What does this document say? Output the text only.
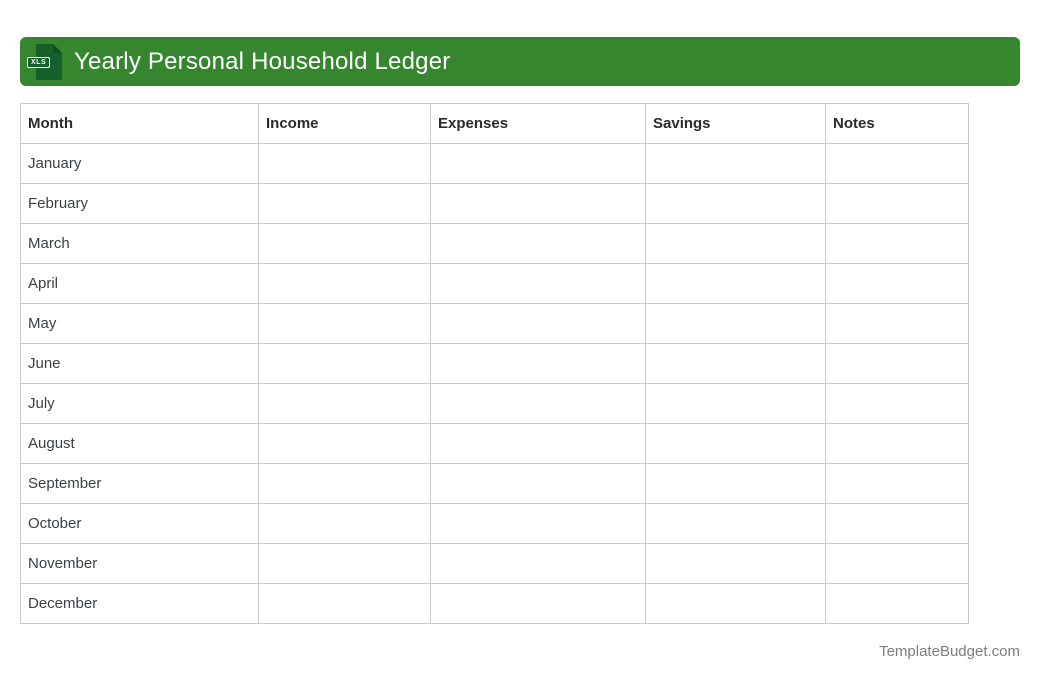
XLS Yearly Personal Household Ledger
Month	Income	Expenses	Savings	Notes
January				
February				
March				
April				
May				
June				
July				
August				
September				
October				
November				
December				
TemplateBudget.com
